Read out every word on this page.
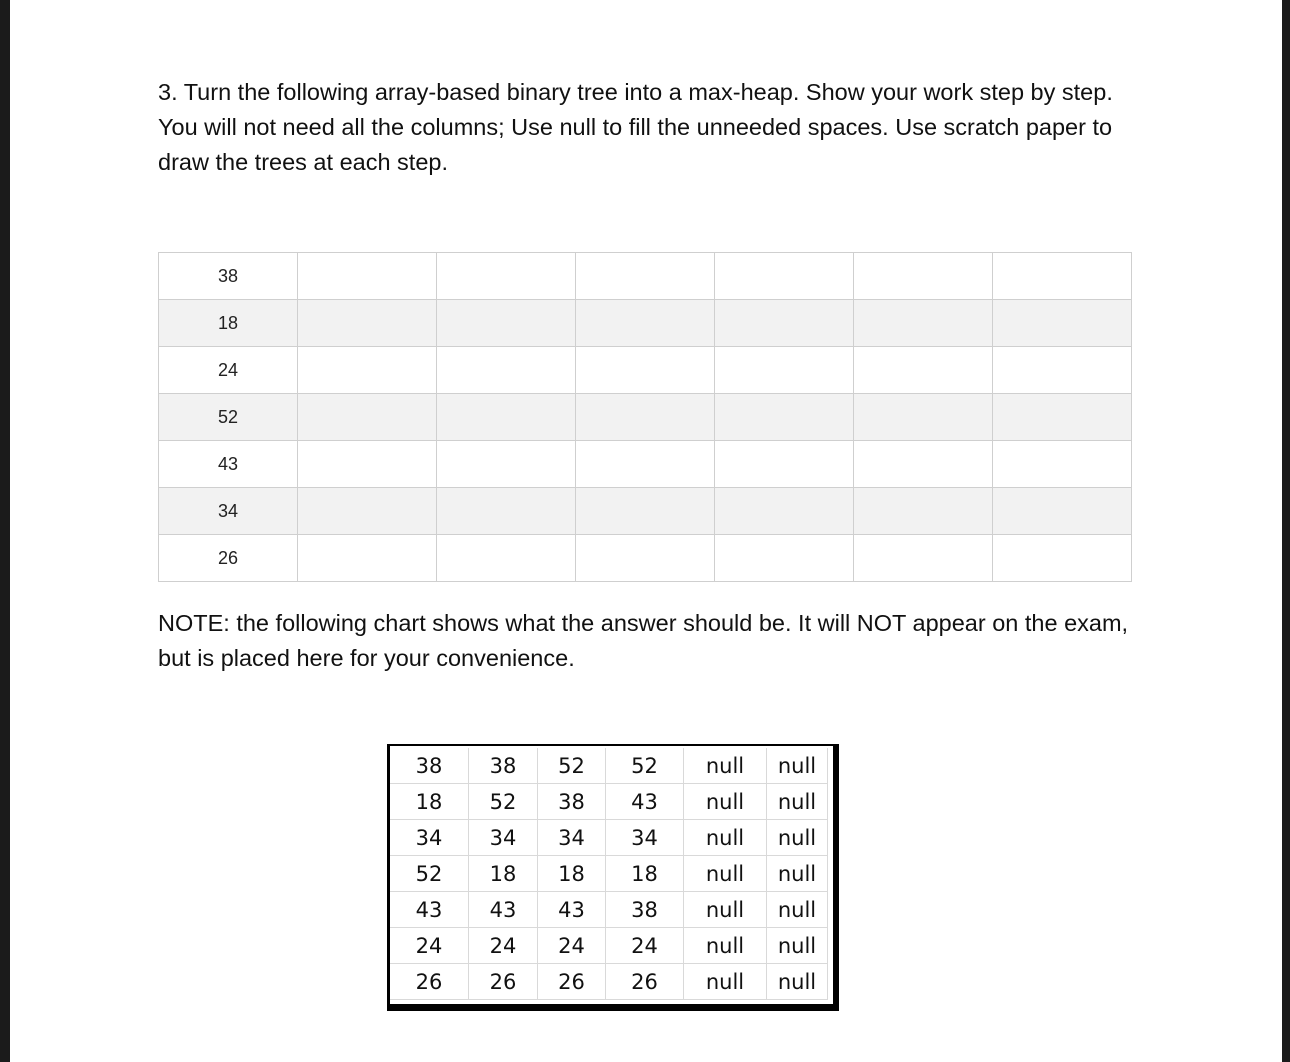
3. Turn the following array-based binary tree into a max-heap. Show your work step by step. You will not need all the columns; Use null to fill the unneeded spaces. Use scratch paper to draw the trees at each step.

38						
18						
24						
52						
43						
34						
26						

NOTE: the following chart shows what the answer should be. It will NOT appear on the exam, but is placed here for your convenience.

38	38	52	52	null	null
18	52	38	43	null	null
34	34	34	34	null	null
52	18	18	18	null	null
43	43	43	38	null	null
24	24	24	24	null	null
26	26	26	26	null	null
